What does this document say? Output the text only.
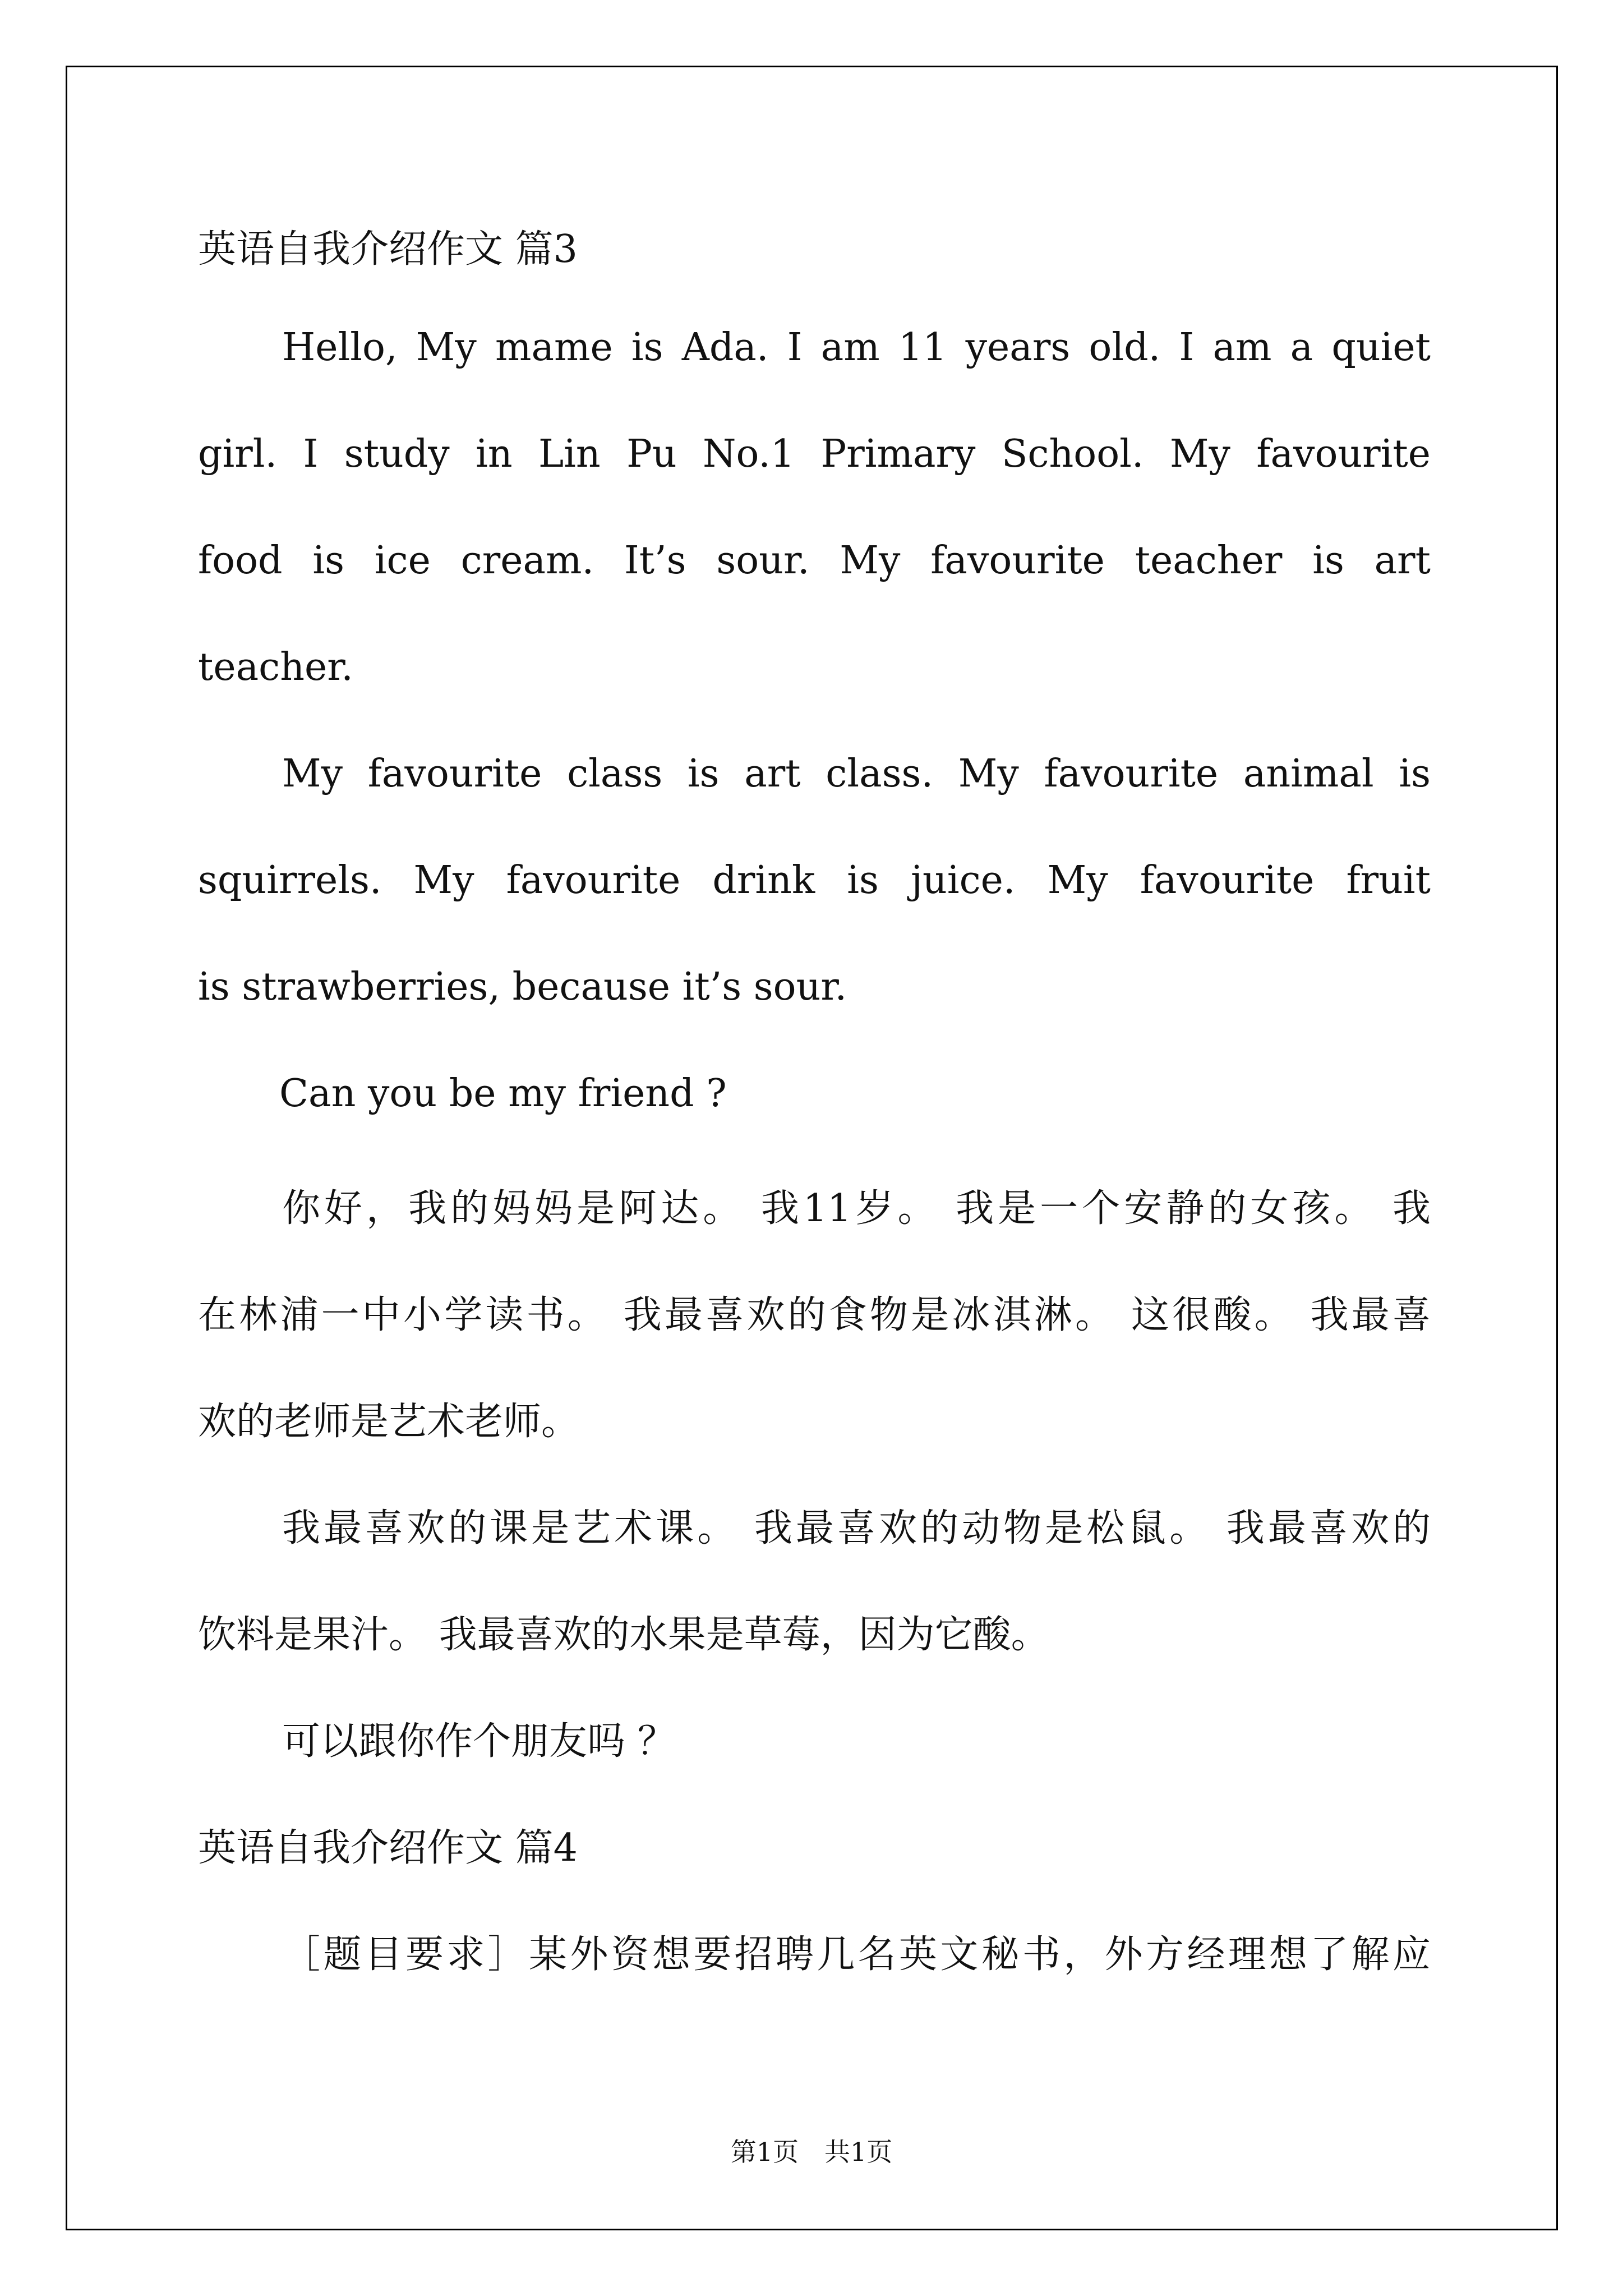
英语自我介绍作文 篇3
Hello, My mame is Ada. I am 11 years old. I am a quiet
girl. I study in Lin Pu No.1 Primary School. My favourite
food is ice cream. It’s sour. My favourite teacher is art
teacher.
My favourite class is art class. My favourite animal is
squirrels. My favourite drink is juice. My favourite fruit
is strawberries, because it’s sour.
Can you be my friend ?
你好，我的妈妈是阿达。 我11岁。 我是一个安静的女孩。 我
在林浦一中小学读书。 我最喜欢的食物是冰淇淋。 这很酸。 我最喜
欢的老师是艺术老师。
我最喜欢的课是艺术课。 我最喜欢的动物是松鼠。 我最喜欢的
饮料是果汁。 我最喜欢的水果是草莓，因为它酸。
可以跟你作个朋友吗 ？
英语自我介绍作文 篇4
［题目要求］某外资想要招聘几名英文秘书，外方经理想了解应
第1页　共1页
